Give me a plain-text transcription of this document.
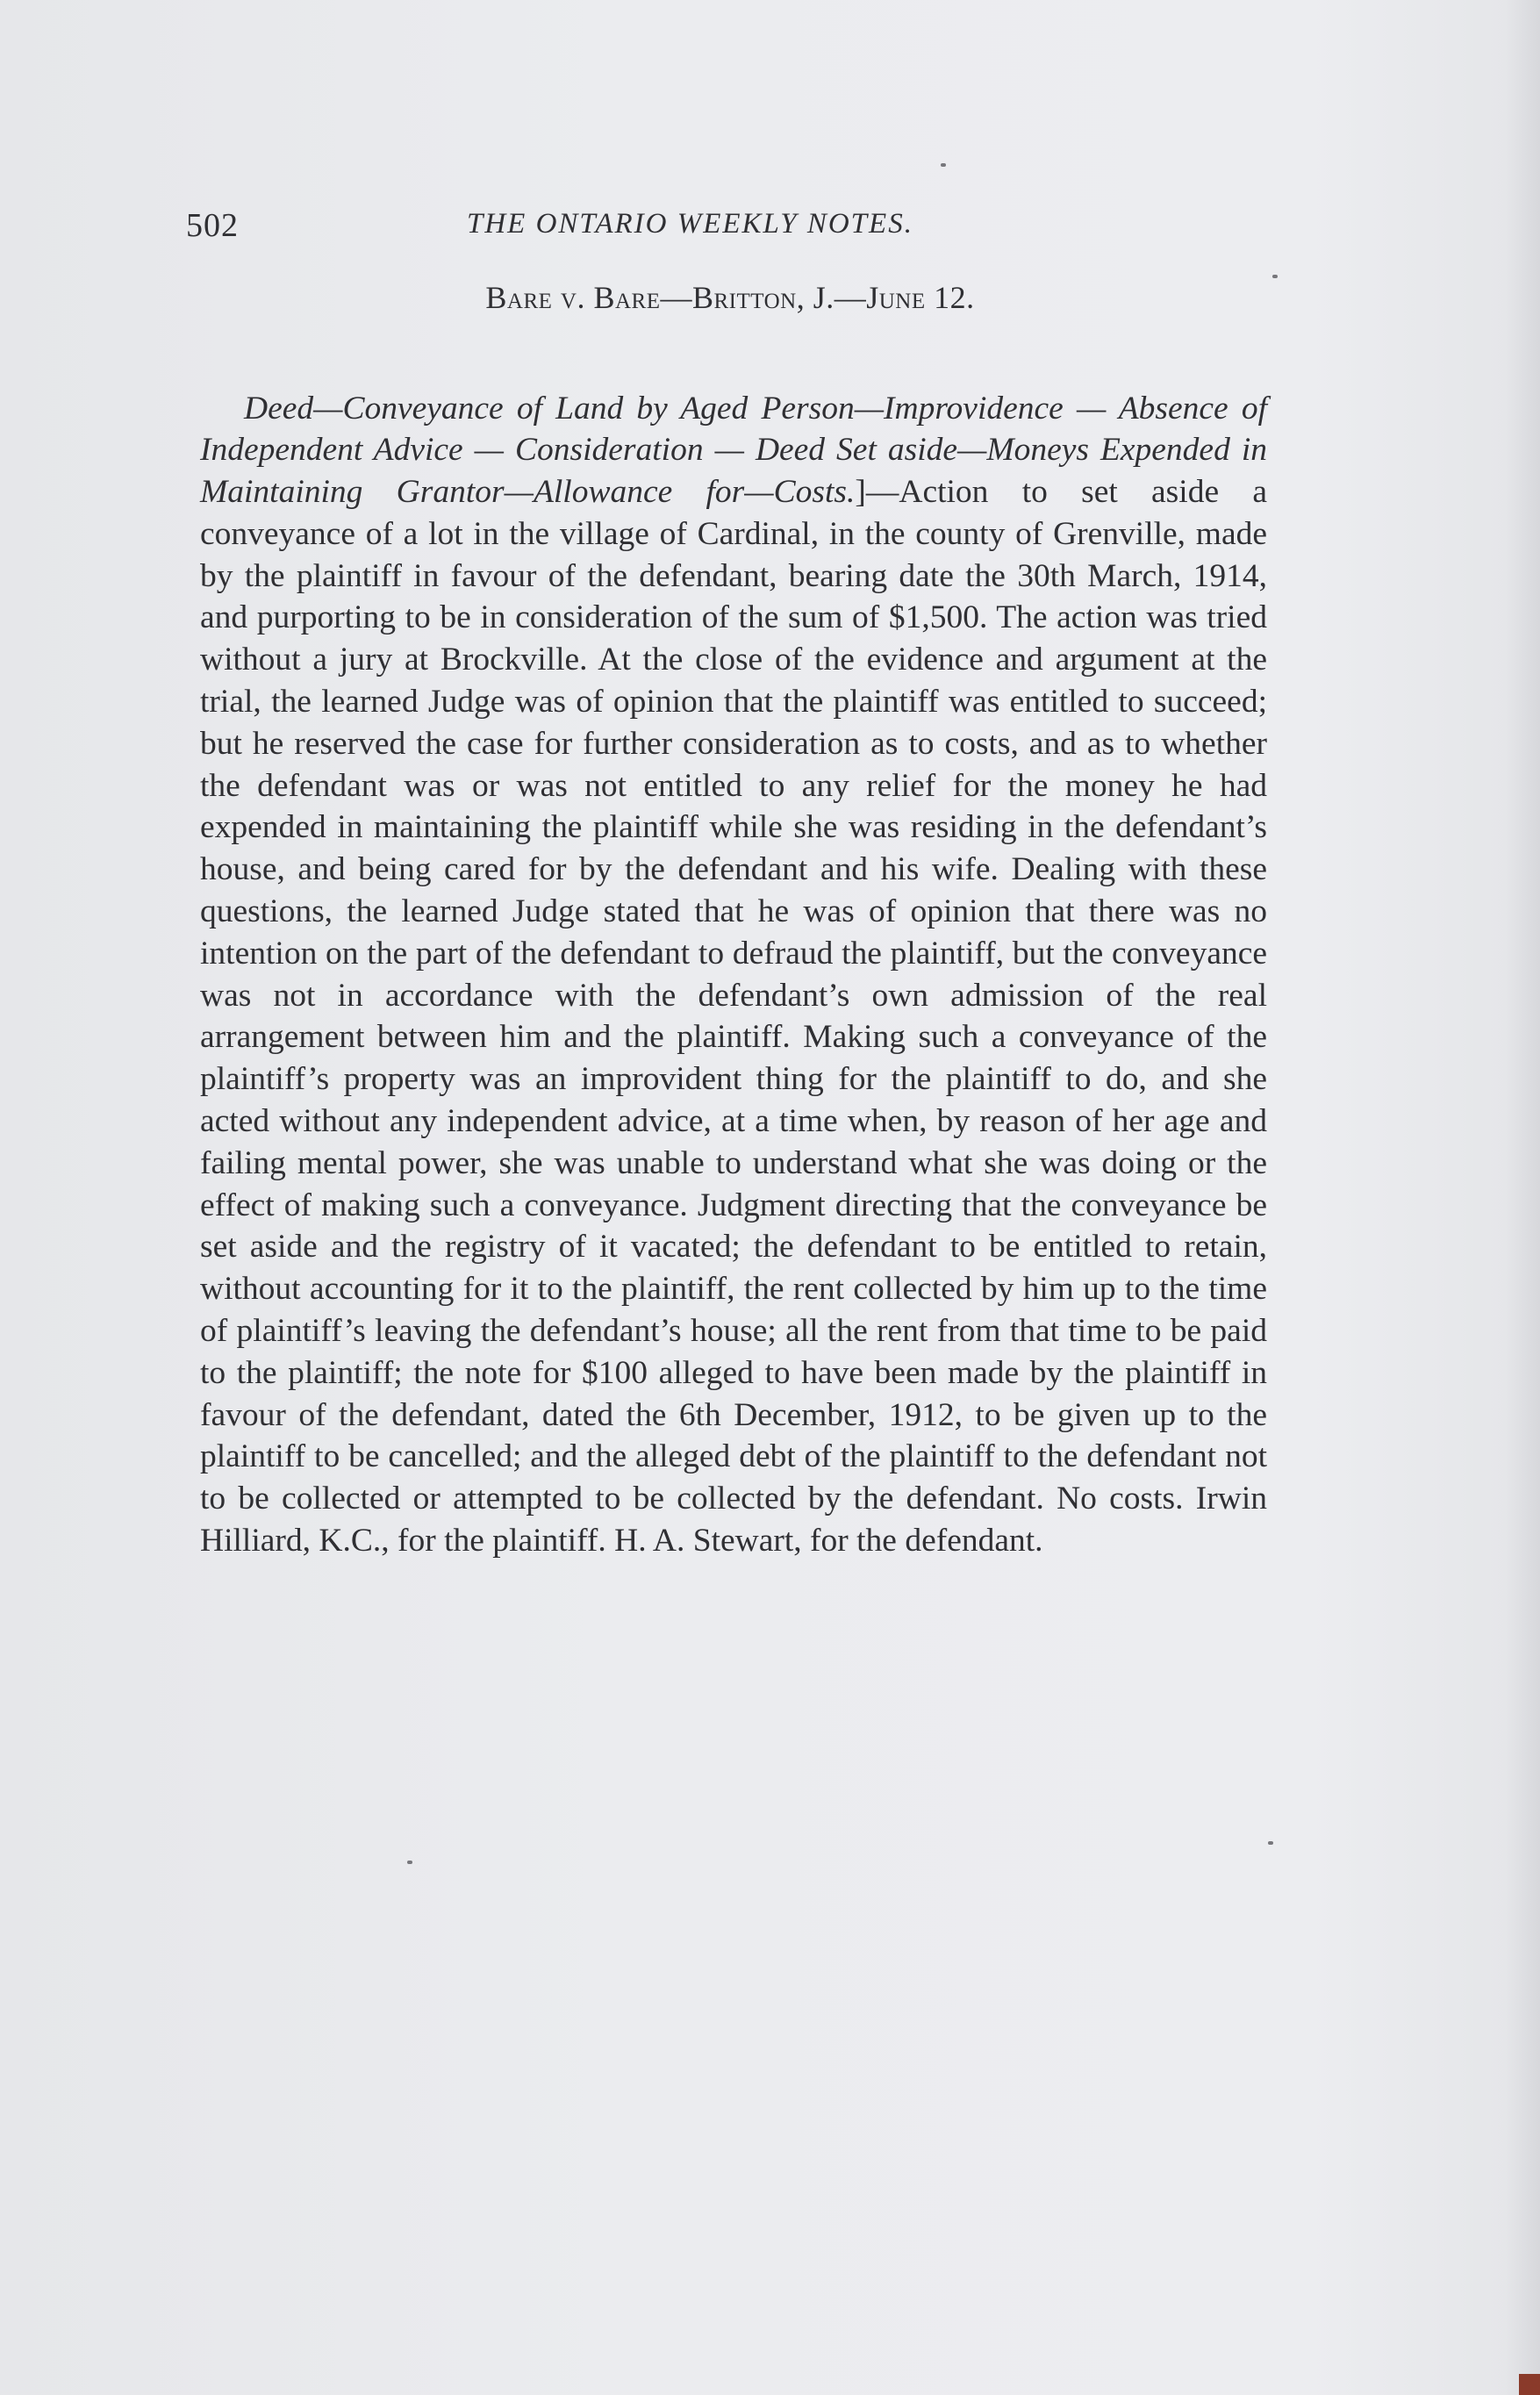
502	THE ONTARIO WEEKLY NOTES.
Bare v. Bare—Britton, J.—June 12.

Deed—Conveyance of Land by Aged Person—Improvidence — Absence of Independent Advice — Consideration — Deed Set aside—Moneys Expended in Maintaining Grantor—Allowance for—Costs.]—Action to set aside a conveyance of a lot in the village of Cardinal, in the county of Grenville, made by the plaintiff in favour of the defendant, bearing date the 30th March, 1914, and purporting to be in consideration of the sum of $1,500. The action was tried without a jury at Brockville. At the close of the evidence and argument at the trial, the learned Judge was of opinion that the plaintiff was entitled to succeed; but he reserved the case for further consideration as to costs, and as to whether the defendant was or was not entitled to any relief for the money he had expended in maintaining the plaintiff while she was residing in the defendant’s house, and being cared for by the defendant and his wife. Dealing with these questions, the learned Judge stated that he was of opinion that there was no intention on the part of the defendant to defraud the plaintiff, but the conveyance was not in accordance with the defendant’s own admission of the real arrangement between him and the plaintiff. Making such a conveyance of the plaintiff’s property was an improvident thing for the plaintiff to do, and she acted without any independent advice, at a time when, by reason of her age and failing mental power, she was unable to understand what she was doing or the effect of making such a conveyance. Judgment directing that the conveyance be set aside and the registry of it vacated; the defendant to be entitled to retain, without accounting for it to the plaintiff, the rent collected by him up to the time of plaintiff’s leaving the defendant’s house; all the rent from that time to be paid to the plaintiff; the note for $100 alleged to have been made by the plaintiff in favour of the defendant, dated the 6th December, 1912, to be given up to the plaintiff to be cancelled; and the alleged debt of the plaintiff to the defendant not to be collected or attempted to be collected by the defendant. No costs. Irwin Hilliard, K.C., for the plaintiff. H. A. Stewart, for the defendant.
